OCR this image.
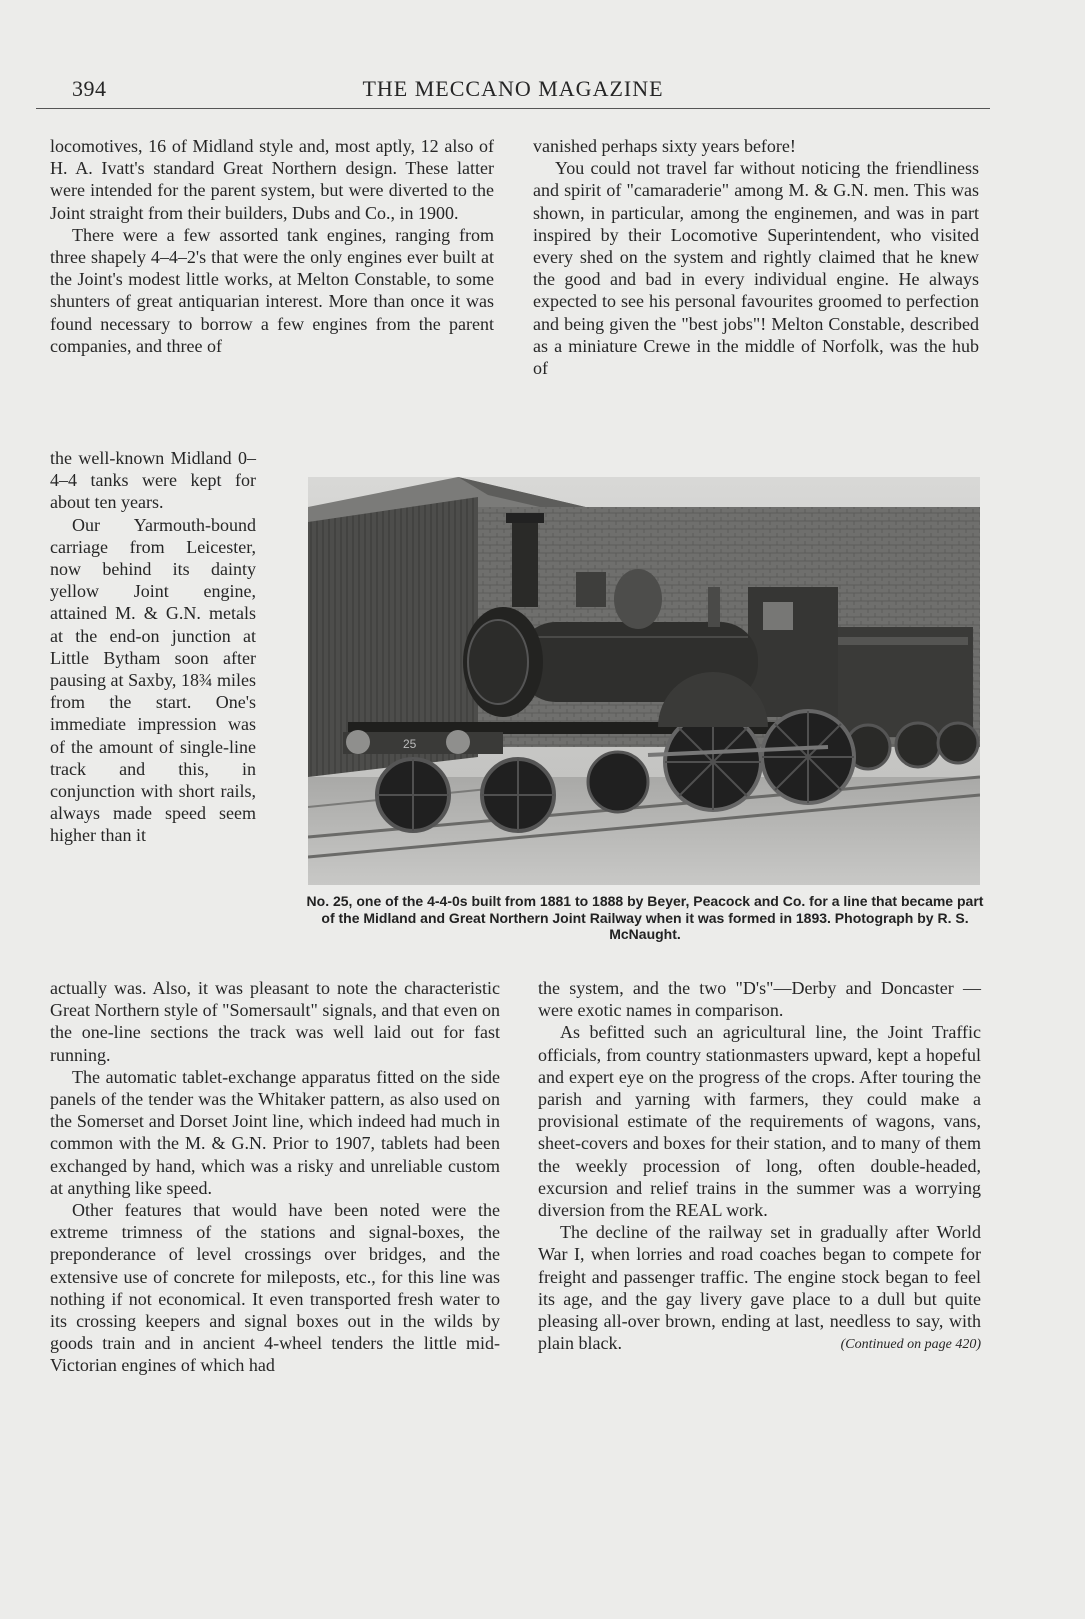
394	THE MECCANO MAGAZINE

locomotives, 16 of Midland style and, most aptly, 12 also of H. A. Ivatt's standard Great Northern design. These latter were intended for the parent system, but were diverted to the Joint straight from their builders, Dubs and Co., in 1900.

There were a few assorted tank engines, ranging from three shapely 4–4–2's that were the only engines ever built at the Joint's modest little works, at Melton Constable, to some shunters of great antiquarian interest. More than once it was found necessary to borrow a few engines from the parent companies, and three of

the well-known Midland 0–4–4 tanks were kept for about ten years.

Our Yarmouth-bound carriage from Leicester, now behind its dainty yellow Joint engine, attained M. & G.N. metals at the end-on junction at Little Bytham soon after pausing at Saxby, 18¾ miles from the start. One's immediate impression was of the amount of single-line track and this, in conjunction with short rails, always made speed seem higher than it

25
No. 25, one of the 4-4-0s built from 1881 to 1888 by Beyer, Peacock and Co. for a line that became part of the Midland and Great Northern Joint Railway when it was formed in 1893. Photograph by R. S. McNaught.

actually was. Also, it was pleasant to note the characteristic Great Northern style of "Somersault" signals, and that even on the one-line sections the track was well laid out for fast running.

The automatic tablet-exchange apparatus fitted on the side panels of the tender was the Whitaker pattern, as also used on the Somerset and Dorset Joint line, which indeed had much in common with the M. & G.N. Prior to 1907, tablets had been exchanged by hand, which was a risky and unreliable custom at anything like speed.

Other features that would have been noted were the extreme trimness of the stations and signal-boxes, the preponderance of level crossings over bridges, and the extensive use of concrete for mileposts, etc., for this line was nothing if not economical. It even transported fresh water to its crossing keepers and signal boxes out in the wilds by goods train and in ancient 4-wheel tenders the little mid-Victorian engines of which had

vanished perhaps sixty years before!

You could not travel far without noticing the friendliness and spirit of "camaraderie" among M. & G.N. men. This was shown, in particular, among the enginemen, and was in part inspired by their Locomotive Superintendent, who visited every shed on the system and rightly claimed that he knew the good and bad in every individual engine. He always expected to see his personal favourites groomed to perfection and being given the "best jobs"! Melton Constable, described as a miniature Crewe in the middle of Norfolk, was the hub of

the system, and the two "D's"—Derby and Doncaster — were exotic names in comparison.

As befitted such an agricultural line, the Joint Traffic officials, from country stationmasters upward, kept a hopeful and expert eye on the progress of the crops. After touring the parish and yarning with farmers, they could make a provisional estimate of the requirements of wagons, vans, sheet-covers and boxes for their station, and to many of them the weekly procession of long, often double-headed, excursion and relief trains in the summer was a worrying diversion from the REAL work.

The decline of the railway set in gradually after World War I, when lorries and road coaches began to compete for freight and passenger traffic. The engine stock began to feel its age, and the gay livery gave place to a dull but quite pleasing all-over brown, ending at last, needless to say, with plain black.	(Continued on page 420)
